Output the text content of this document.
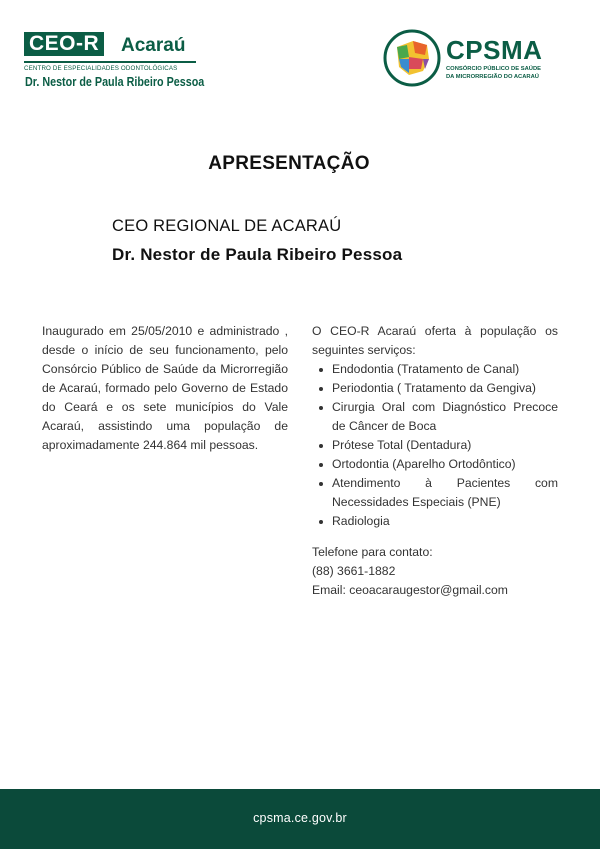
CEO-R Acaraú
CENTRO DE ESPECIALIDADES ODONTOLÓGICAS
Dr. Nestor de Paula Ribeiro Pessoa
CPSMA
CONSÓRCIO PÚBLICO DE SAÚDE
DA MICRORREGIÃO DO ACARAÚ
APRESENTAÇÃO
CEO REGIONAL DE ACARAÚ
Dr. Nestor de Paula Ribeiro Pessoa
Inaugurado em 25/05/2010 e administrado , desde o início de seu funcionamento, pelo Consórcio Público de Saúde da Microrregião de Acaraú, formado pelo Governo de Estado do Ceará e os sete municípios do Vale Acaraú, assistindo uma população de aproximadamente 244.864 mil pessoas.

O CEO-R Acaraú oferta à população os seguintes serviços:

Endodontia (Tratamento de Canal)
Periodontia ( Tratamento da Gengiva)
Cirurgia Oral com Diagnóstico Precoce de Câncer de Boca
Prótese Total (Dentadura)
Ortodontia (Aparelho Ortodôntico)
Atendimento à Pacientes com Necessidades Especiais (PNE)
Radiologia
Telefone para contato:
(88) 3661-1882
Email: ceoacaraugestor@gmail.com
cpsma.ce.gov.br
